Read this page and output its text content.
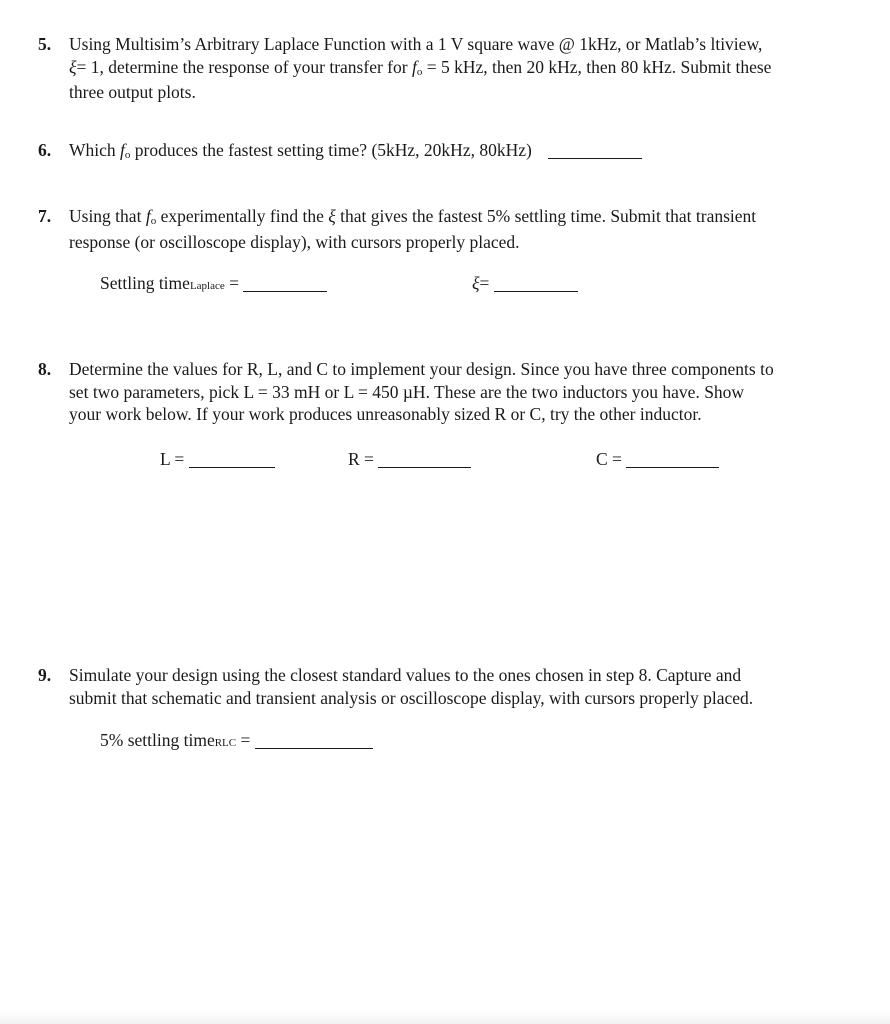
5. Using Multisim’s Arbitrary Laplace Function with a 1 V square wave @ 1kHz, or Matlab’s ltiview,
ξ= 1, determine the response of your transfer for fo = 5 kHz, then 20 kHz, then 80 kHz. Submit these
three output plots.
6. Which fo produces the fastest setting time? (5kHz, 20kHz, 80kHz)
7. Using that fo experimentally find the ξ that gives the fastest 5% settling time. Submit that transient
response (or oscilloscope display), with cursors properly placed.
Settling timeLaplace =	ξ=
8. Determine the values for R, L, and C to implement your design. Since you have three components to
set two parameters, pick L = 33 mH or L = 450 µH. These are the two inductors you have. Show
your work below. If your work produces unreasonably sized R or C, try the other inductor.
L =	R =	C =
9. Simulate your design using the closest standard values to the ones chosen in step 8. Capture and
submit that schematic and transient analysis or oscilloscope display, with cursors properly placed.
5% settling timeRLC =
